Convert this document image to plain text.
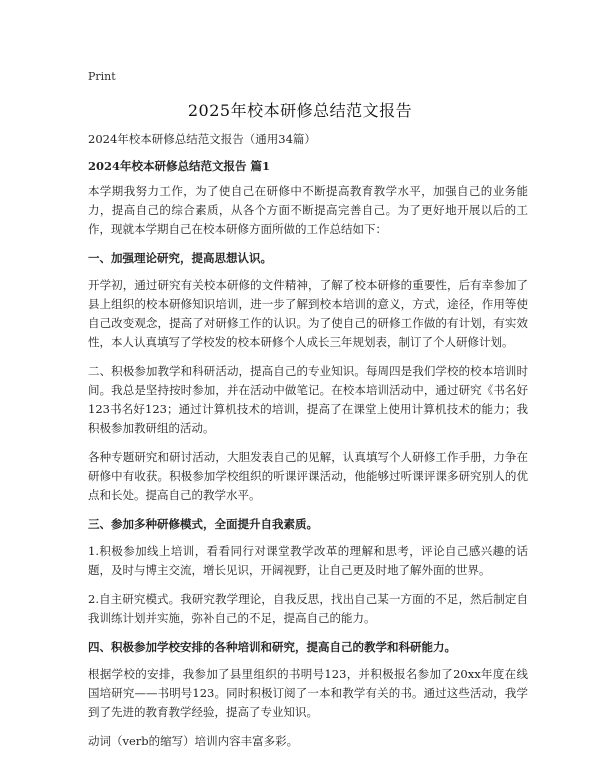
Print
2025年校本研修总结范文报告

2024年校本研修总结范文报告（通用34篇）

2024年校本研修总结范文报告 篇1

本学期我努力工作，为了使自己在研修中不断提高教育教学水平，加强自己的业务能力，提高自己的综合素质，从各个方面不断提高完善自己。为了更好地开展以后的工作，现就本学期自己在校本研修方面所做的工作总结如下：

一、加强理论研究，提高思想认识。

开学初，通过研究有关校本研修的文件精神，了解了校本研修的重要性，后有幸参加了县上组织的校本研修知识培训，进一步了解到校本培训的意义，方式，途径，作用等使自己改变观念，提高了对研修工作的认识。为了使自己的研修工作做的有计划，有实效性，本人认真填写了学校发的校本研修个人成长三年规划表，制订了个人研修计划。

二、积极参加教学和科研活动，提高自己的专业知识。每周四是我们学校的校本培训时间。我总是坚持按时参加，并在活动中做笔记。在校本培训活动中，通过研究《书名好123书名好123；通过计算机技术的培训，提高了在课堂上使用计算机技术的能力；我积极参加教研组的活动。

各种专题研究和研讨活动，大胆发表自己的见解，认真填写个人研修工作手册，力争在研修中有收获。积极参加学校组织的听课评课活动，他能够过听课评课多研究别人的优点和长处。提高自己的教学水平。

三、参加多种研修模式，全面提升自我素质。

1.积极参加线上培训，看看同行对课堂教学改革的理解和思考，评论自己感兴趣的话题，及时与博主交流，增长见识，开阔视野，让自己更及时地了解外面的世界。

2.自主研究模式。我研究教学理论，自我反思，找出自己某一方面的不足，然后制定自我训练计划并实施，弥补自己的不足，提高自己的能力。

四、积极参加学校安排的各种培训和研究，提高自己的教学和科研能力。

根据学校的安排，我参加了县里组织的书明号123，并积极报名参加了20xx年度在线国培研究——书明号123。同时积极订阅了一本和教学有关的书。通过这些活动，我学到了先进的教育教学经验，提高了专业知识。

动词（verb的缩写）培训内容丰富多彩。
